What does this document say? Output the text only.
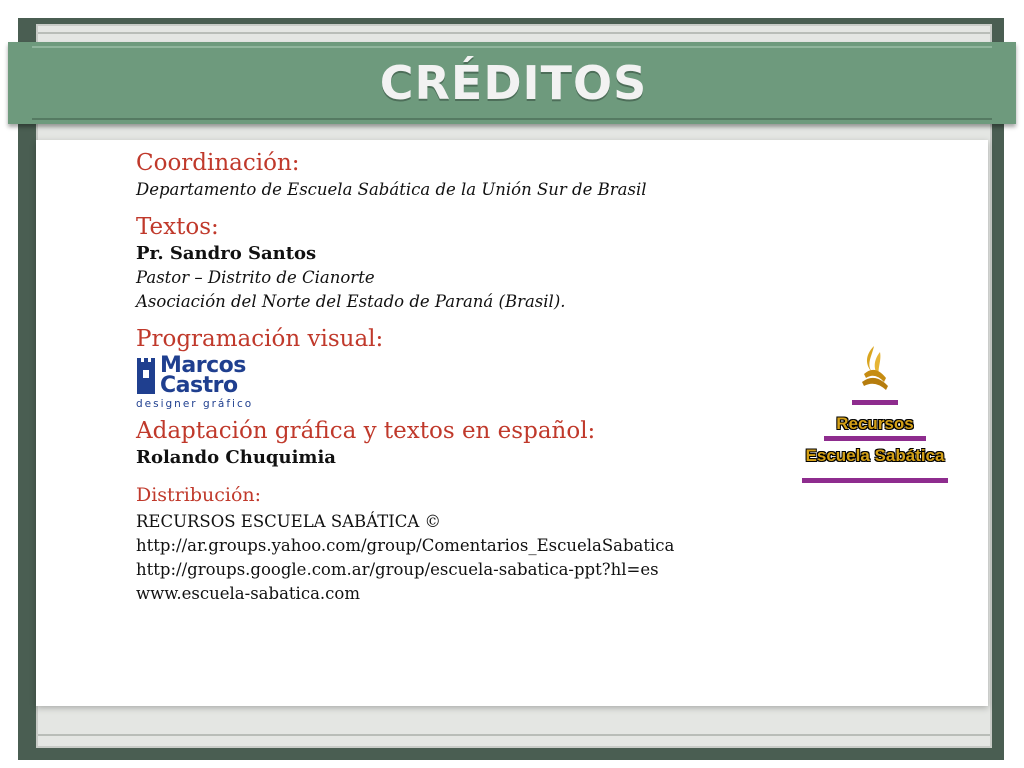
CRÉDITOS

Coordinación:

Departamento de Escuela Sabática de la Unión Sur de Brasil

Textos:

Pr. Sandro Santos

Pastor – Distrito de Cianorte

Asociación del Norte del Estado de Paraná (Brasil).

Programación visual:

Marcos
Castro
designer gráfico

Adaptación gráfica y textos en español:

Rolando Chuquimia

Distribución:

RECURSOS ESCUELA SABÁTICA ©

http://ar.groups.yahoo.com/group/Comentarios_EscuelaSabatica

http://groups.google.com.ar/group/escuela-sabatica-ppt?hl=es

www.escuela-sabatica.com

Recursos
Escuela Sabática
